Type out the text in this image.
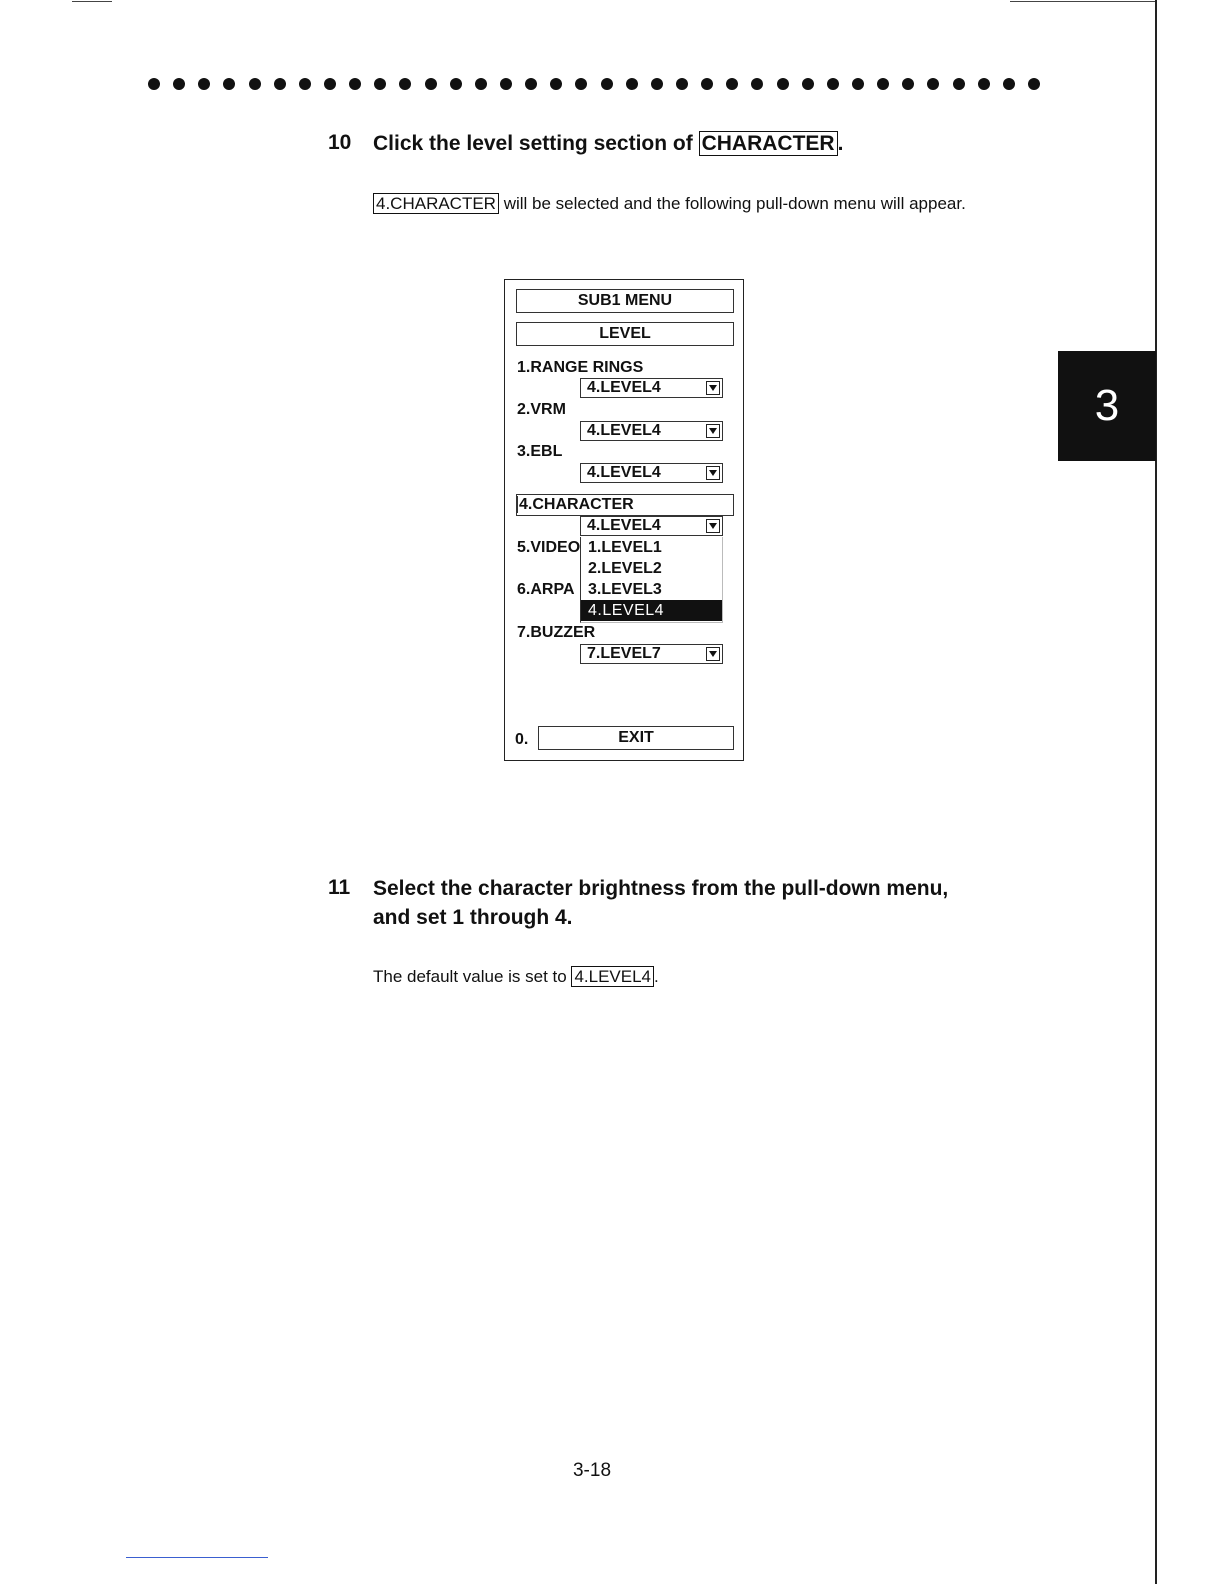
10 Click the level setting section of CHARACTER .
4.CHARACTER will be selected and the following pull-down menu will appear.
SUB1 MENU
LEVEL
1.RANGE RINGS
4.LEVEL4
2.VRM
4.LEVEL4
3.EBL
4.LEVEL4
4.CHARACTER
4.LEVEL4
5.VIDEO
6.ARPA
1.LEVEL1
2.LEVEL2
3.LEVEL3
4.LEVEL4
7.BUZZER
7.LEVEL7
0.	EXIT
3
11 Select the character brightness from the pull-down menu,
and set 1 through 4.
The default value is set to 4.LEVEL4 .
3-18
